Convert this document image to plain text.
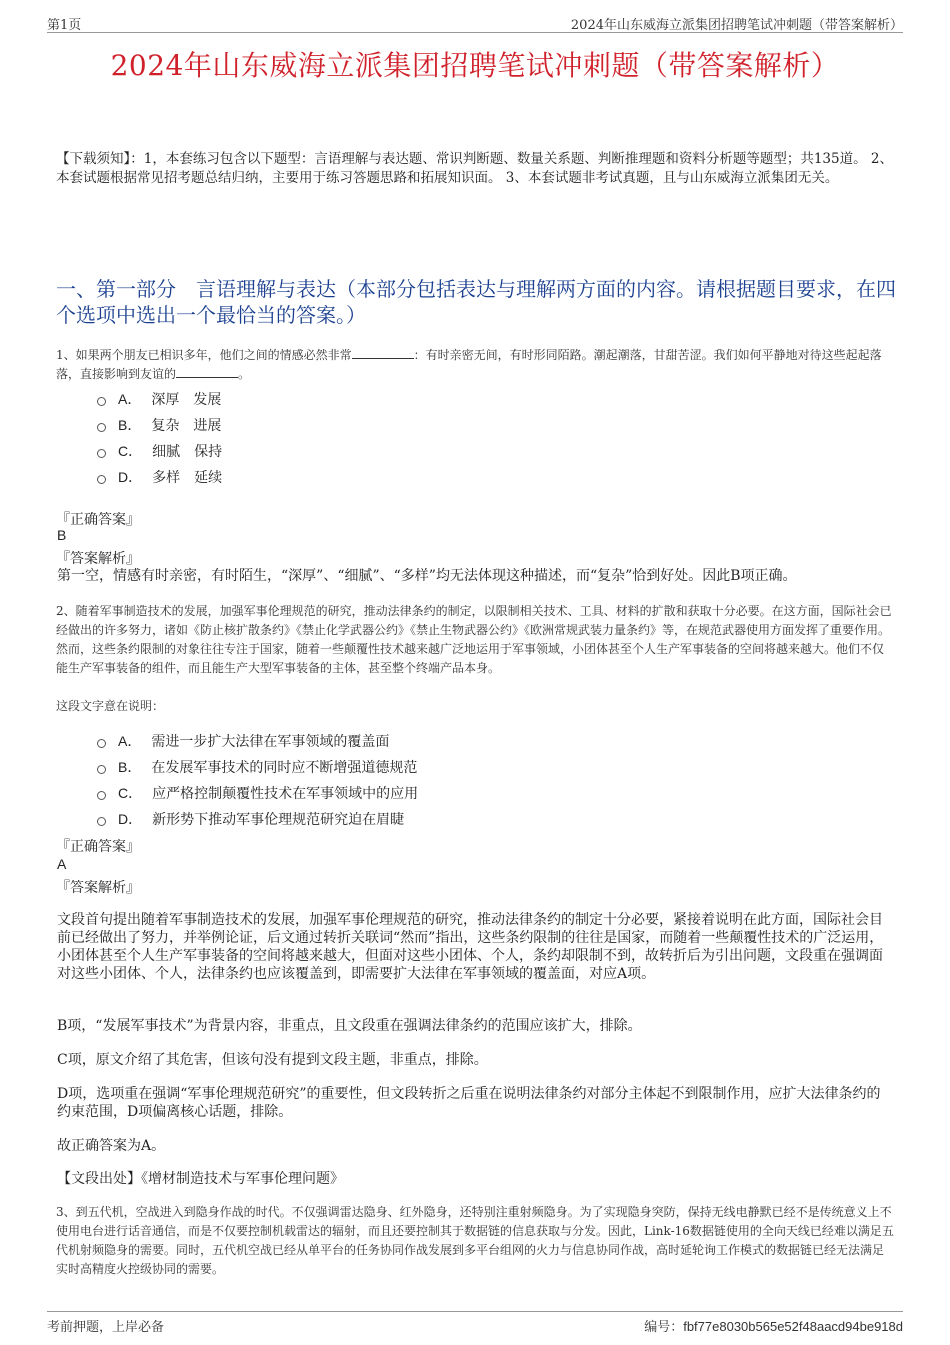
第1页	2024年山东威海立派集团招聘笔试冲刺题（带答案解析）
2024年山东威海立派集团招聘笔试冲刺题（带答案解析）
【下载须知】：1，本套练习包含以下题型：言语理解与表达题、常识判断题、数量关系题、判断推理题和资料分析题等题型；共135道。 2、本套试题根据常见招考题总结归纳，主要用于练习答题思路和拓展知识面。 3、本套试题非考试真题，且与山东威海立派集团无关。
一、第一部分　言语理解与表达（本部分包括表达与理解两方面的内容。请根据题目要求，在四个选项中选出一个最恰当的答案。）
1、如果两个朋友已相识多年，他们之间的情感必然非常	：有时亲密无间，有时形同陌路。潮起潮落，甘甜苦涩。我们如何平静地对待这些起起落落，直接影响到友谊的	。
A． 深厚　发展
B． 复杂　进展
C． 细腻　保持
D． 多样　延续
『正确答案』
B
『答案解析』
第一空，情感有时亲密，有时陌生，“深厚”、“细腻”、“多样”均无法体现这种描述，而“复杂”恰到好处。因此B项正确。
2、随着军事制造技术的发展，加强军事伦理规范的研究，推动法律条约的制定，以限制相关技术、工具、材料的扩散和获取十分必要。在这方面，国际社会已经做出的许多努力，诸如《防止核扩散条约》《禁止化学武器公约》《禁止生物武器公约》《欧洲常规武装力量条约》等，在规范武器使用方面发挥了重要作用。然而，这些条约限制的对象往往专注于国家，随着一些颠覆性技术越来越广泛地运用于军事领域，小团体甚至个人生产军事装备的空间将越来越大。他们不仅能生产军事装备的组件，而且能生产大型军事装备的主体，甚至整个终端产品本身。
这段文字意在说明：
A． 需进一步扩大法律在军事领域的覆盖面
B． 在发展军事技术的同时应不断增强道德规范
C． 应严格控制颠覆性技术在军事领域中的应用
D． 新形势下推动军事伦理规范研究迫在眉睫
『正确答案』
A
『答案解析』
文段首句提出随着军事制造技术的发展，加强军事伦理规范的研究，推动法律条约的制定十分必要，紧接着说明在此方面，国际社会目前已经做出了努力，并举例论证，后文通过转折关联词“然而”指出，这些条约限制的往往是国家，而随着一些颠覆性技术的广泛运用，小团体甚至个人生产军事装备的空间将越来越大，但面对这些小团体、个人，条约却限制不到，故转折后为引出问题，文段重在强调面对这些小团体、个人，法律条约也应该覆盖到，即需要扩大法律在军事领域的覆盖面，对应A项。
B项，“发展军事技术”为背景内容，非重点，且文段重在强调法律条约的范围应该扩大，排除。
C项，原文介绍了其危害，但该句没有提到文段主题，非重点，排除。
D项，选项重在强调“军事伦理规范研究”的重要性，但文段转折之后重在说明法律条约对部分主体起不到限制作用，应扩大法律条约的约束范围，D项偏离核心话题，排除。
故正确答案为A。
【文段出处】《增材制造技术与军事伦理问题》
3、到五代机，空战进入到隐身作战的时代。不仅强调雷达隐身、红外隐身，还特别注重射频隐身。为了实现隐身突防，保持无线电静默已经不是传统意义上不使用电台进行话音通信，而是不仅要控制机载雷达的辐射，而且还要控制其于数据链的信息获取与分发。因此，Link-16数据链使用的全向天线已经难以满足五代机射频隐身的需要。同时，五代机空战已经从单平台的任务协同作战发展到多平台组网的火力与信息协同作战，高时延轮询工作模式的数据链已经无法满足实时高精度火控级协同的需要。
考前押题，上岸必备	编号：fbf77e8030b565e52f48aacd94be918d
